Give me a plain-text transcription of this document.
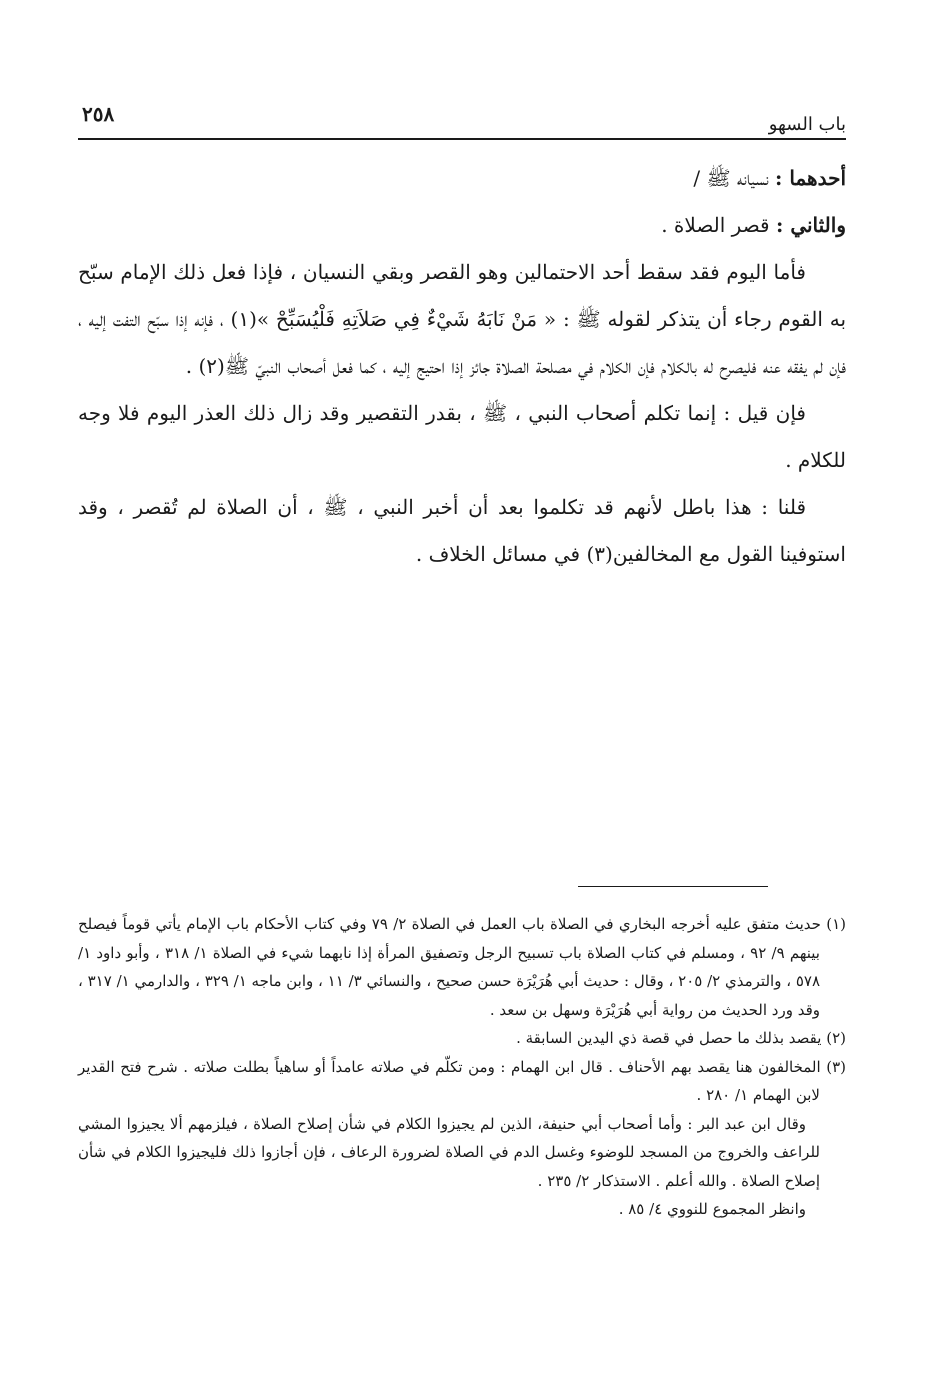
باب السهو
٢٥٨

أحدهما : نسيانه ﷺ /

والثاني : قصر الصلاة .

فأما اليوم فقد سقط أحد الاحتمالين وهو القصر وبقي النسيان ، فإذا فعل ذلك الإمام سبّح به القوم رجاء أن يتذكر لقوله ﷺ : « مَنْ نَابَهُ شَيْءٌ فِي صَلاَتِهِ فَلْيُسَبِّحْ »(١) ، فإنه إذا سبّح التفت إليه ، فإن لم يفقه عنه فليصرح له بالكلام فإن الكلام في مصلحة الصلاة جائز إذا احتيج إليه ، كما فعل أصحاب النبيّ ﷺ(٢) .

فإن قيل : إنما تكلم أصحاب النبي ، ﷺ ، بقدر التقصير وقد زال ذلك العذر اليوم فلا وجه للكلام .

قلنا : هذا باطل لأنهم قد تكلموا بعد أن أخبر النبي ، ﷺ ، أن الصلاة لم تُقصر ، وقد استوفينا القول مع المخالفين(٣) في مسائل الخلاف .

(١) حديث متفق عليه أخرجه البخاري في الصلاة باب العمل في الصلاة ٢/ ٧٩ وفي كتاب الأحكام باب الإمام يأتي قوماً فيصلح بينهم ٩/ ٩٢ ، ومسلم في كتاب الصلاة باب تسبيح الرجل وتصفيق المرأة إذا نابهما شيء في الصلاة ١/ ٣١٨ ، وأبو داود ١/ ٥٧٨ ، والترمذي ٢/ ٢٠٥ ، وقال : حديث أبي هُرَيْرَة حسن صحيح ، والنسائي ٣/ ١١ ، وابن ماجه ١/ ٣٢٩ ، والدارمي ١/ ٣١٧ ، وقد ورد الحديث من رواية أبي هُرَيْرَة وسهل بن سعد .

(٢) يقصد بذلك ما حصل في قصة ذي اليدين السابقة .

(٣) المخالفون هنا يقصد بهم الأحناف . قال ابن الهمام : ومن تكلّم في صلاته عامداً أو ساهياً بطلت صلاته . شرح فتح القدير لابن الهمام ١/ ٢٨٠ .

وقال ابن عبد البر : وأما أصحاب أبي حنيفة، الذين لم يجيزوا الكلام في شأن إصلاح الصلاة ، فيلزمهم ألا يجيزوا المشي للراعف والخروج من المسجد للوضوء وغسل الدم في الصلاة لضرورة الرعاف ، فإن أجازوا ذلك فليجيزوا الكلام في شأن إصلاح الصلاة . والله أعلم . الاستذكار ٢/ ٢٣٥ .

وانظر المجموع للنووي ٤/ ٨٥ .
